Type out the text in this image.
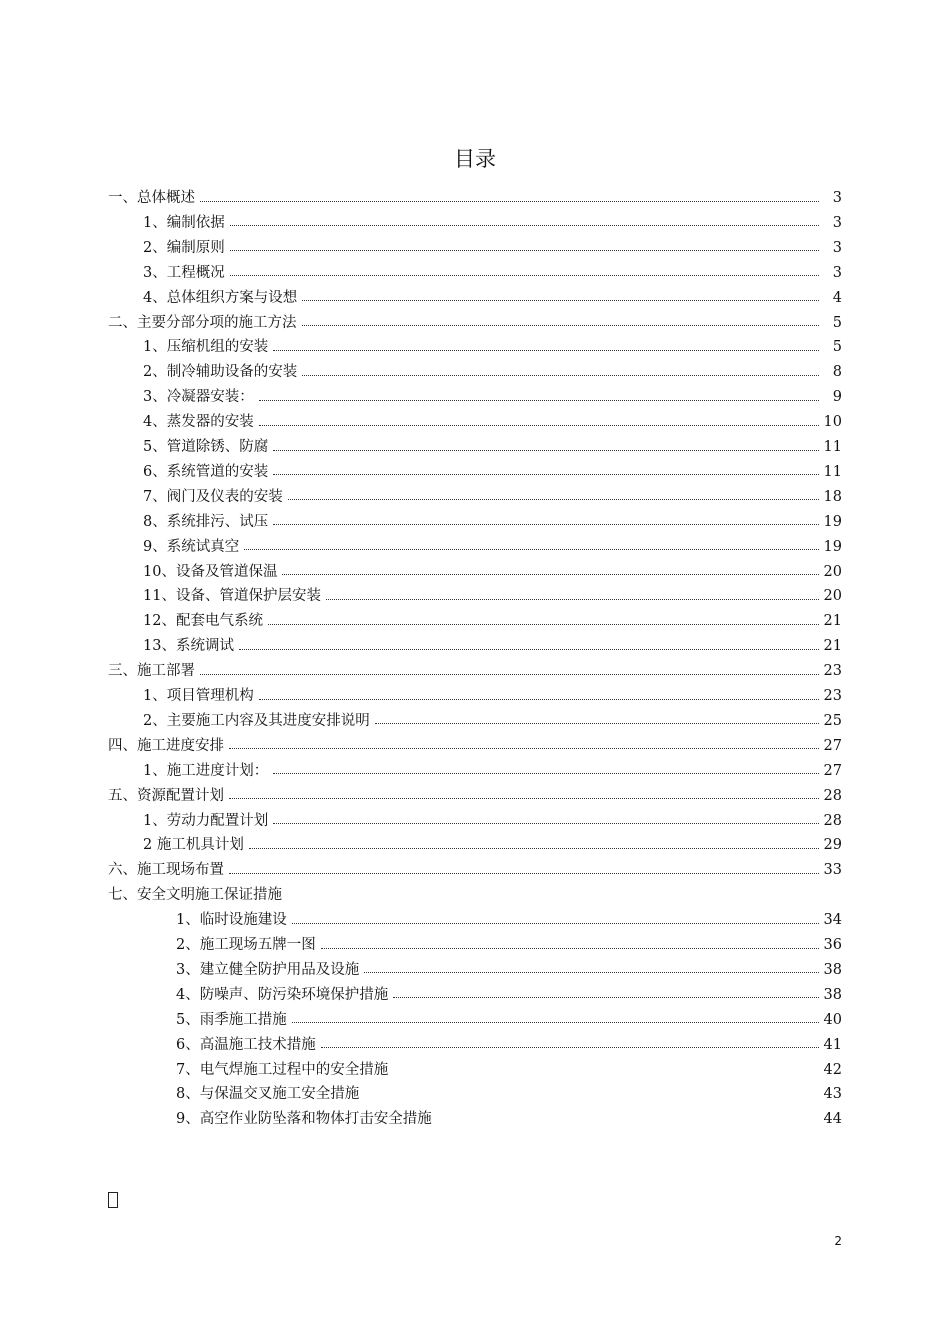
目录
一、总体概述	3
1、编制依据	3
2、编制原则	3
3、工程概况	3
4、总体组织方案与设想	4
二、主要分部分项的施工方法	5
1、压缩机组的安装	5
2、制冷辅助设备的安装	8
3、冷凝器安装：	9
4、蒸发器的安装	10
5、管道除锈、防腐	11
6、系统管道的安装	11
7、阀门及仪表的安装	18
8、系统排污、试压	19
9、系统试真空	19
10、设备及管道保温	20
11、设备、管道保护层安装	20
12、配套电气系统	21
13、系统调试	21
三、施工部署	23
1、项目管理机构	23
2、主要施工内容及其进度安排说明	25
四、施工进度安排	27
1、施工进度计划：	27
五、资源配置计划	28
1、劳动力配置计划	28
2 施工机具计划	29
六、施工现场布置	33
七、安全文明施工保证措施
1、临时设施建设	34
2、施工现场五牌一图	36
3、建立健全防护用品及设施	38
4、防噪声、防污染环境保护措施	38
5、雨季施工措施	40
6、高温施工技术措施	41
7、电气焊施工过程中的安全措施	42
8、与保温交叉施工安全措施	43
9、高空作业防坠落和物体打击安全措施	44
2
